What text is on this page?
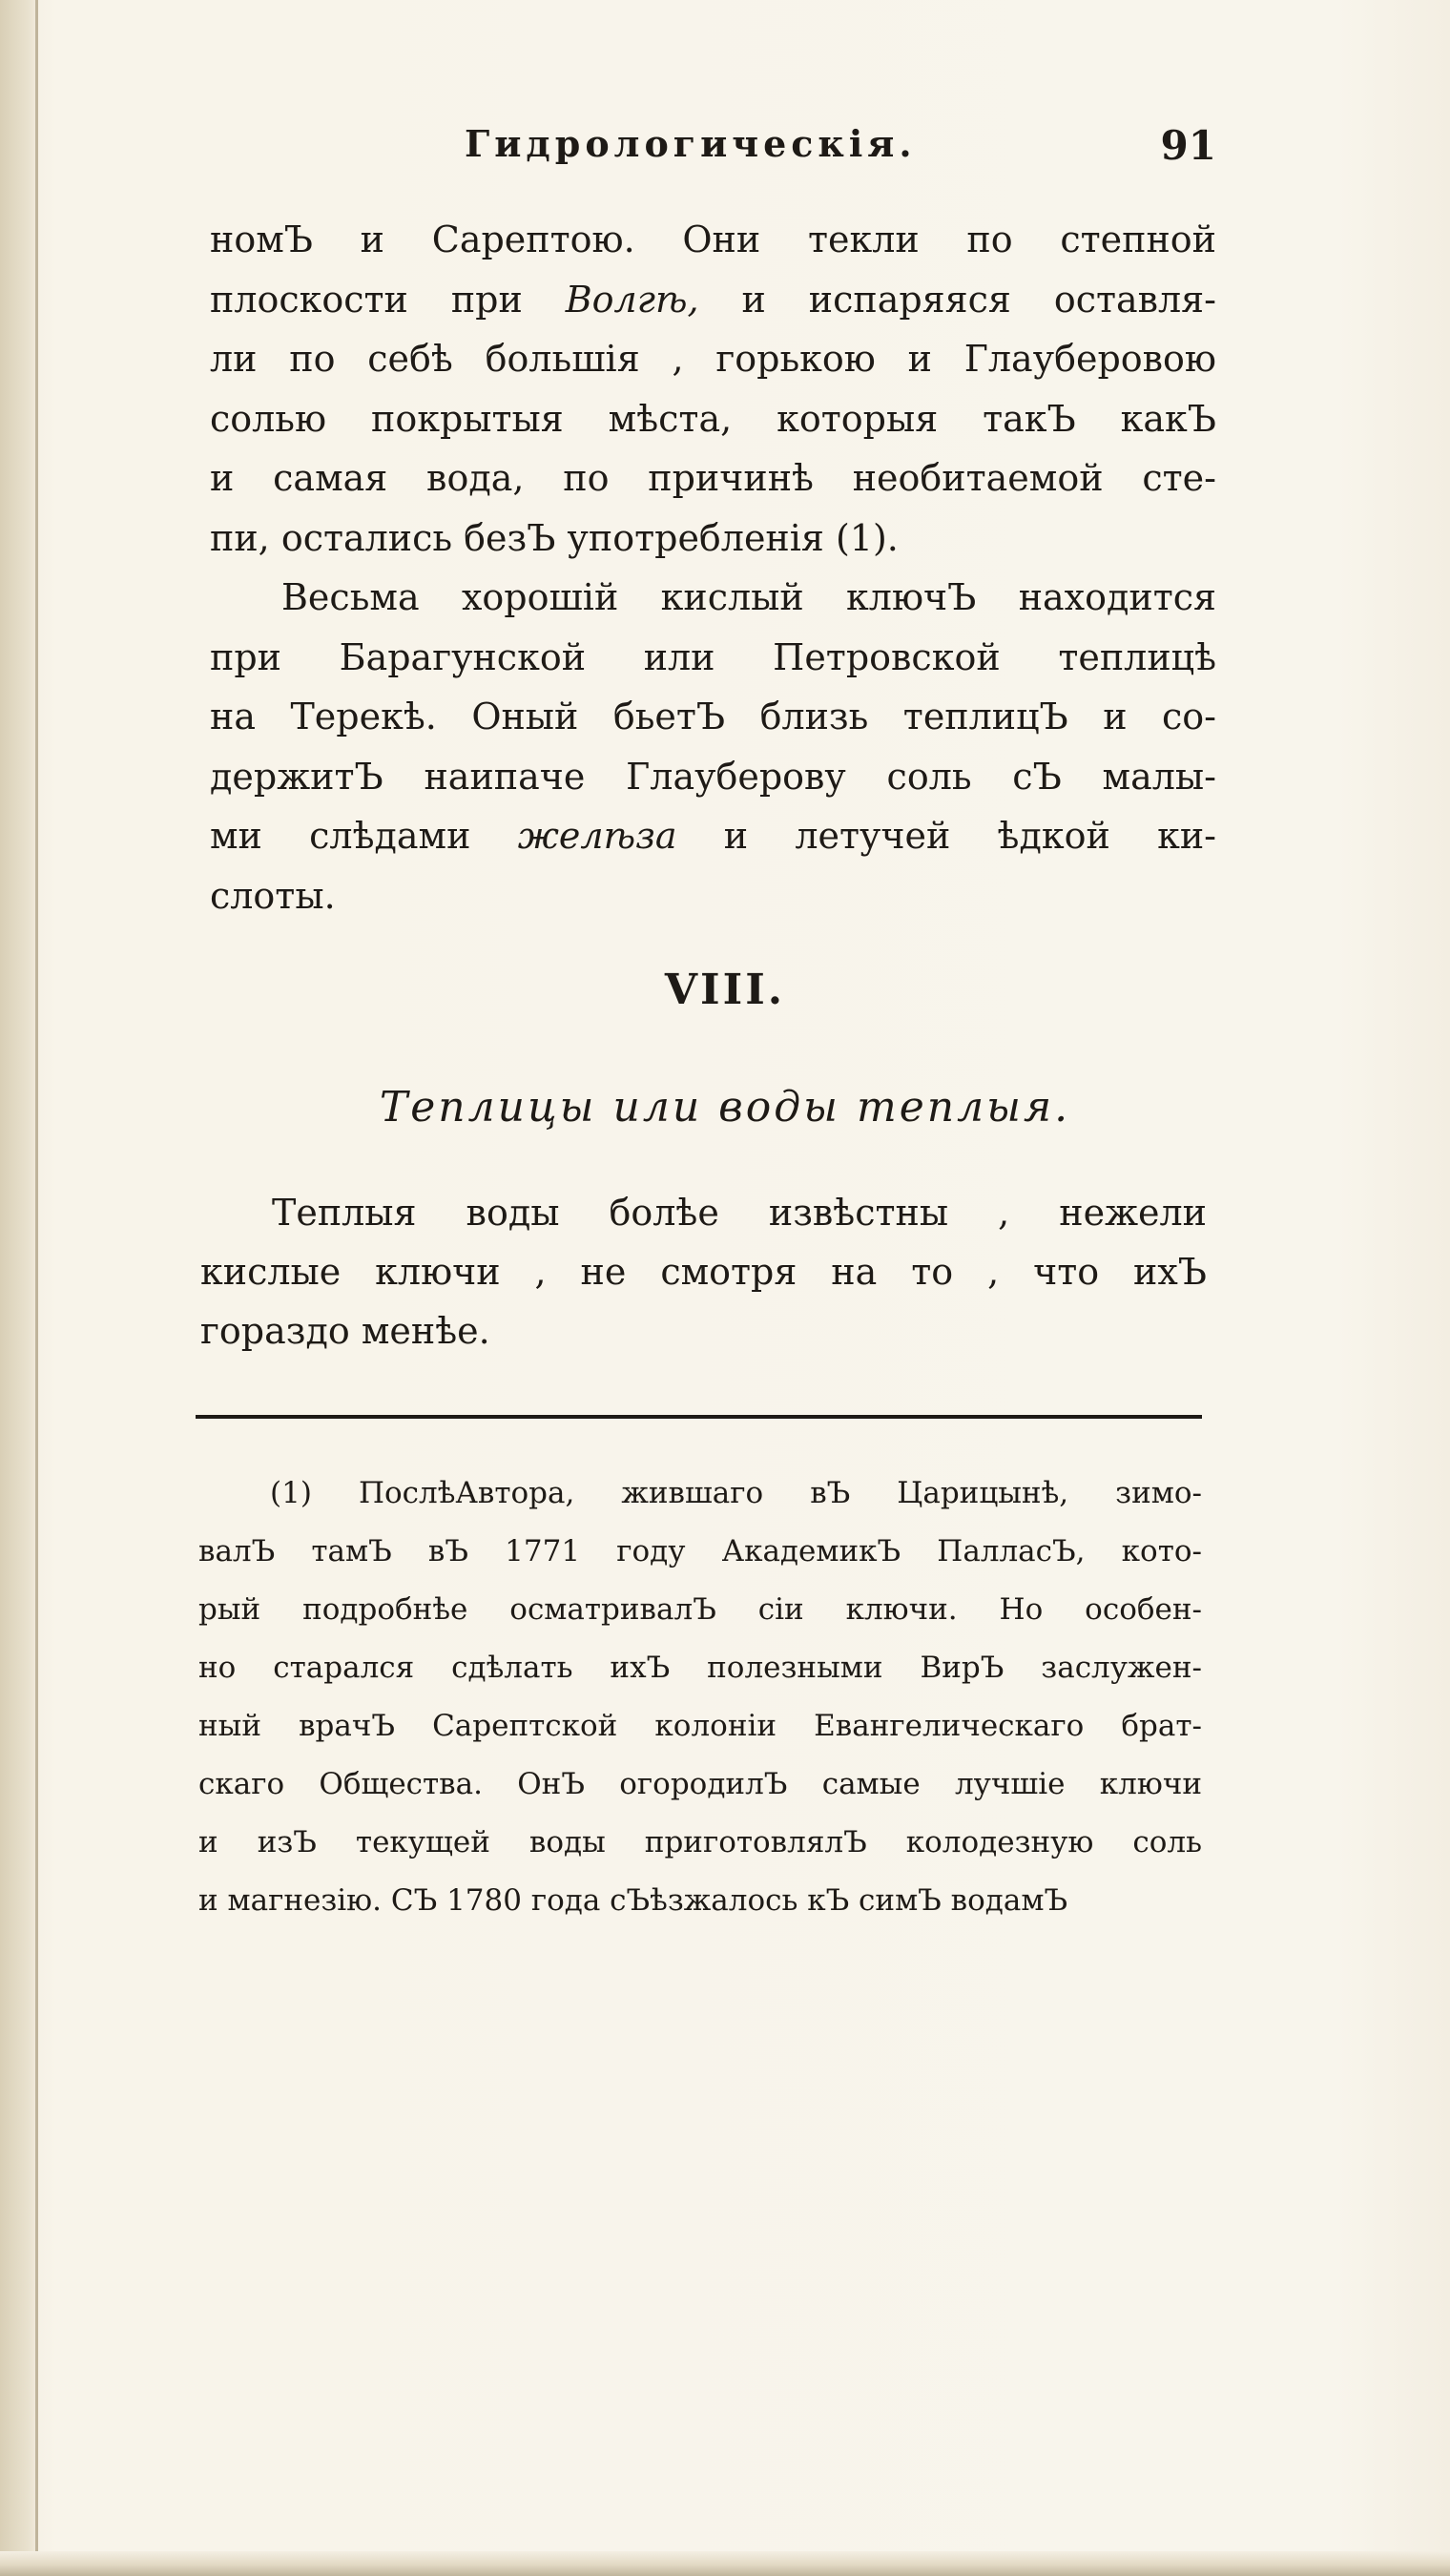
Гидрологическія.	91
номЪ и Сарептою. Они текли по степной
плоскости при Волгѣ, и испаряяся оставля-
ли по себѣ большія , горькою и Глауберовою
солью покрытыя мѣста, которыя такЪ какЪ
и самая вода, по причинѣ необитаемой сте-
пи, остались безЪ употребленія (1).
Весьма хорошій кислый ключЪ находится
при Барагунской или Петровской теплицѣ
на Терекѣ. Оный бьетЪ близь теплицЪ и со-
держитЪ наипаче Глауберову соль сЪ малы-
ми слѣдами желѣза и летучей ѣдкой ки-
слоты.
VIII.
Теплицы или воды теплыя.
Теплыя воды болѣе извѣстны , нежели
кислые ключи , не смотря на то , что ихЪ
гораздо менѣе.
(1) ПослѣАвтора, жившаго вЪ Царицынѣ, зимо-
валЪ тамЪ вЪ 1771 году АкадемикЪ ПалласЪ, кото-
рый подробнѣе осматривалЪ сіи ключи. Но особен-
но старался сдѣлать ихЪ полезными ВирЪ заслужен-
ный врачЪ Сарептской колоніи Евангелическаго брат-
скаго Общества. ОнЪ огородилЪ самые лучшіе ключи
и изЪ текущей воды приготовлялЪ колодезную соль
и магнезію. СЪ 1780 года сЪѣзжалось кЪ симЪ водамЪ
